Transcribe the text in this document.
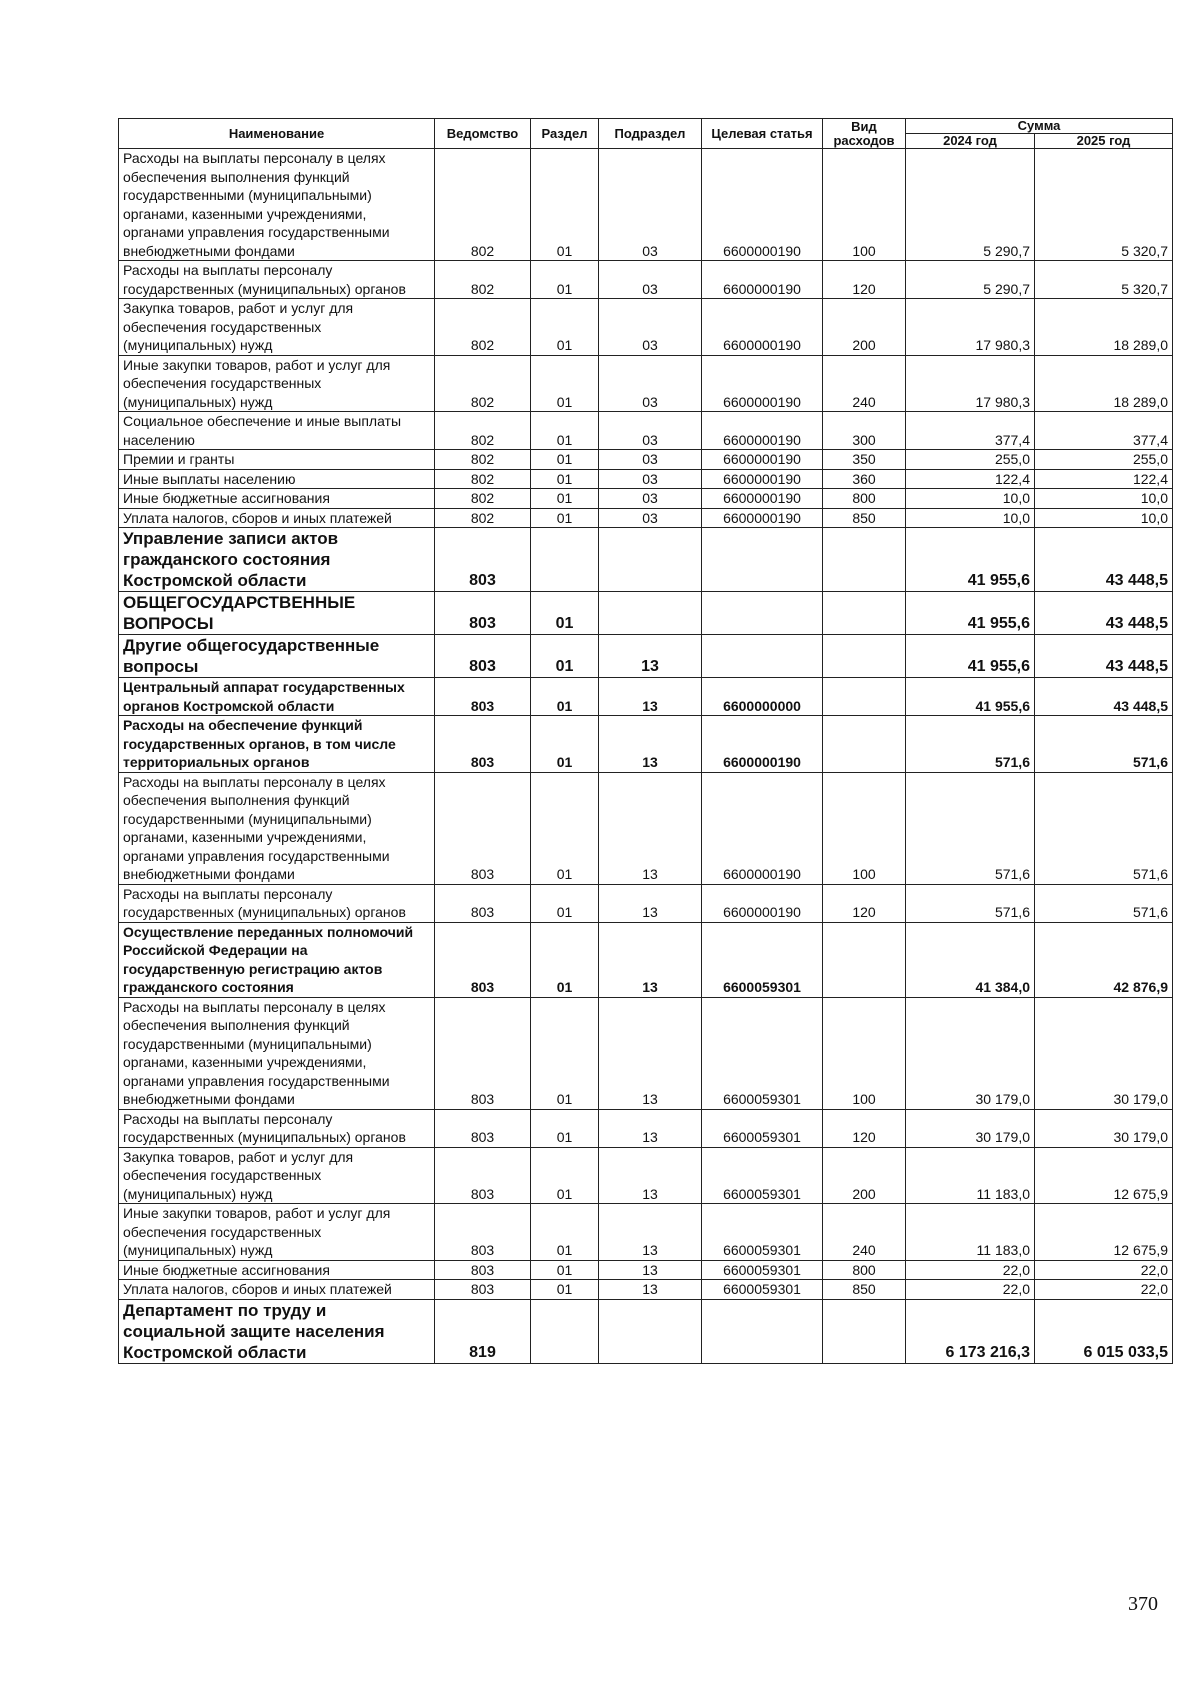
Наименование	Ведомство	Раздел	Подраздел	Целевая статья	Вид расходов	Сумма	
						2024 год	2025 год
Расходы на выплаты персоналу в целях обеспечения выполнения функций государственными (муниципальными) органами, казенными учреждениями, органами управления государственными внебюджетными фондами	802	01	03	6600000190	100	5 290,7	5 320,7
Расходы на выплаты персоналу государственных (муниципальных) органов	802	01	03	6600000190	120	5 290,7	5 320,7
Закупка товаров, работ и услуг для обеспечения государственных (муниципальных) нужд	802	01	03	6600000190	200	17 980,3	18 289,0
Иные закупки товаров, работ и услуг для обеспечения государственных (муниципальных) нужд	802	01	03	6600000190	240	17 980,3	18 289,0
Социальное обеспечение и иные выплаты населению	802	01	03	6600000190	300	377,4	377,4
Премии и гранты	802	01	03	6600000190	350	255,0	255,0
Иные выплаты населению	802	01	03	6600000190	360	122,4	122,4
Иные бюджетные ассигнования	802	01	03	6600000190	800	10,0	10,0
Уплата налогов, сборов и иных платежей	802	01	03	6600000190	850	10,0	10,0
Управление записи актов гражданского состояния Костромской области	803					41 955,6	43 448,5
ОБЩЕГОСУДАРСТВЕННЫЕ ВОПРОСЫ	803	01				41 955,6	43 448,5
Другие общегосударственные вопросы	803	01	13			41 955,6	43 448,5
Центральный аппарат государственных органов Костромской области	803	01	13	6600000000		41 955,6	43 448,5
Расходы на обеспечение функций государственных органов, в том числе территориальных органов	803	01	13	6600000190		571,6	571,6
Расходы на выплаты персоналу в целях обеспечения выполнения функций государственными (муниципальными) органами, казенными учреждениями, органами управления государственными внебюджетными фондами	803	01	13	6600000190	100	571,6	571,6
Расходы на выплаты персоналу государственных (муниципальных) органов	803	01	13	6600000190	120	571,6	571,6
Осуществление переданных полномочий Российской Федерации на государственную регистрацию актов гражданского состояния	803	01	13	6600059301		41 384,0	42 876,9
Расходы на выплаты персоналу в целях обеспечения выполнения функций государственными (муниципальными) органами, казенными учреждениями, органами управления государственными внебюджетными фондами	803	01	13	6600059301	100	30 179,0	30 179,0
Расходы на выплаты персоналу государственных (муниципальных) органов	803	01	13	6600059301	120	30 179,0	30 179,0
Закупка товаров, работ и услуг для обеспечения государственных (муниципальных) нужд	803	01	13	6600059301	200	11 183,0	12 675,9
Иные закупки товаров, работ и услуг для обеспечения государственных (муниципальных) нужд	803	01	13	6600059301	240	11 183,0	12 675,9
Иные бюджетные ассигнования	803	01	13	6600059301	800	22,0	22,0
Уплата налогов, сборов и иных платежей	803	01	13	6600059301	850	22,0	22,0
Департамент по труду и социальной защите населения Костромской области	819					6 173 216,3	6 015 033,5
370
